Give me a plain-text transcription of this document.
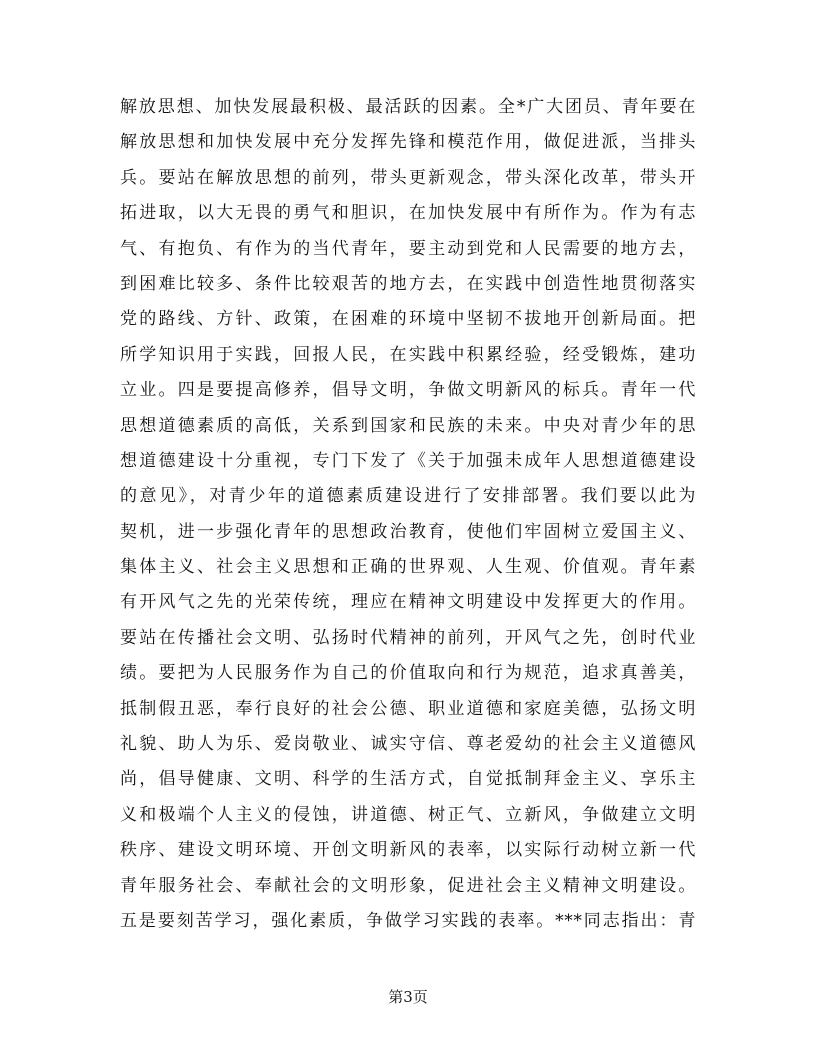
解放思想、加快发展最积极、最活跃的因素。全*广大团员、青年要在
解放思想和加快发展中充分发挥先锋和模范作用，做促进派，当排头
兵。要站在解放思想的前列，带头更新观念，带头深化改革，带头开
拓进取，以大无畏的勇气和胆识，在加快发展中有所作为。作为有志
气、有抱负、有作为的当代青年，要主动到党和人民需要的地方去，
到困难比较多、条件比较艰苦的地方去，在实践中创造性地贯彻落实
党的路线、方针、政策，在困难的环境中坚韧不拔地开创新局面。把
所学知识用于实践，回报人民，在实践中积累经验，经受锻炼，建功
立业。四是要提高修养，倡导文明，争做文明新风的标兵。青年一代
思想道德素质的高低，关系到国家和民族的未来。中央对青少年的思
想道德建设十分重视，专门下发了《关于加强未成年人思想道德建设
的意见》，对青少年的道德素质建设进行了安排部署。我们要以此为
契机，进一步强化青年的思想政治教育，使他们牢固树立爱国主义、
集体主义、社会主义思想和正确的世界观、人生观、价值观。青年素
有开风气之先的光荣传统，理应在精神文明建设中发挥更大的作用。
要站在传播社会文明、弘扬时代精神的前列，开风气之先，创时代业
绩。要把为人民服务作为自己的价值取向和行为规范，追求真善美，
抵制假丑恶，奉行良好的社会公德、职业道德和家庭美德，弘扬文明
礼貌、助人为乐、爱岗敬业、诚实守信、尊老爱幼的社会主义道德风
尚，倡导健康、文明、科学的生活方式，自觉抵制拜金主义、享乐主
义和极端个人主义的侵蚀，讲道德、树正气、立新风，争做建立文明
秩序、建设文明环境、开创文明新风的表率，以实际行动树立新一代
青年服务社会、奉献社会的文明形象，促进社会主义精神文明建设。
五是要刻苦学习，强化素质，争做学习实践的表率。***同志指出：青
第3页
